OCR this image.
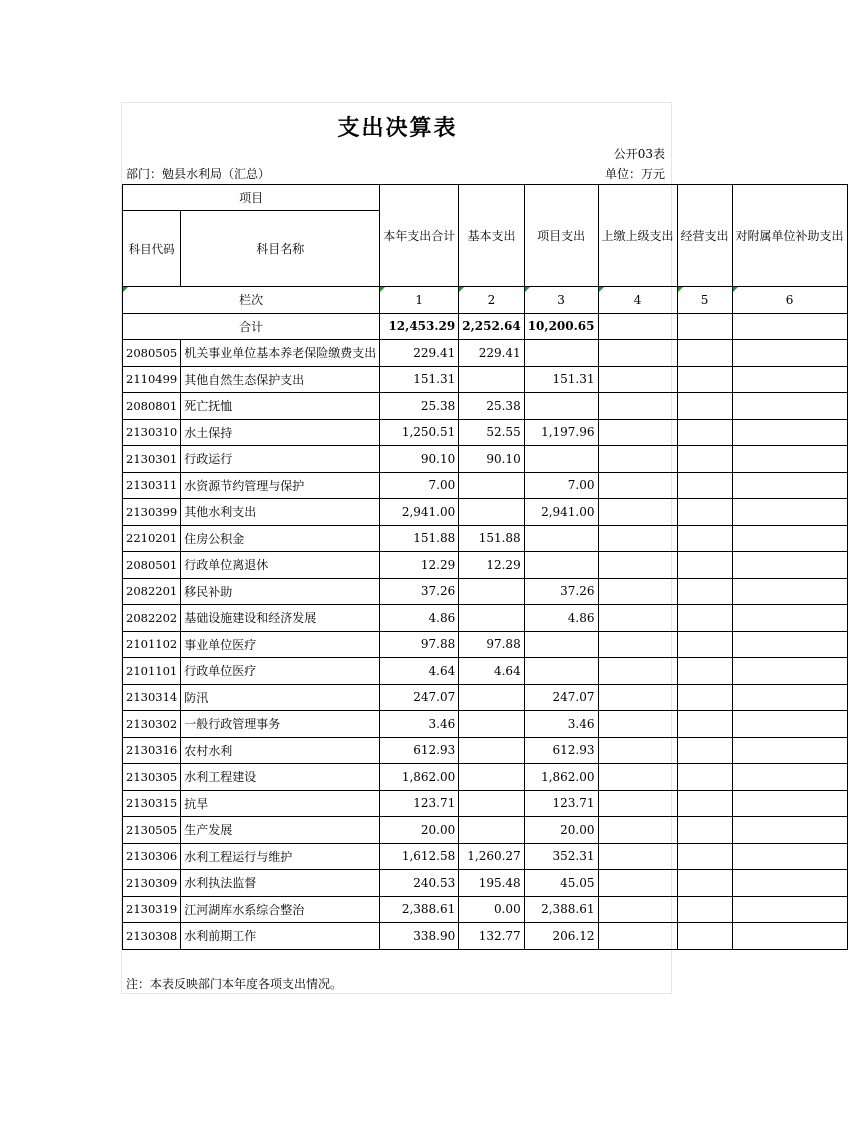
支出决算表
公开03表
部门：勉县水利局（汇总）	单位：万元
项目		本年支出合计	基本支出	项目支出	上缴上级支出	经营支出	对附属单位补助支出
科目代码	科目名称						
栏次		1	2	3	4	5	6
合计		12,453.29	2,252.64	10,200.65			
2080505	机关事业单位基本养老保险缴费支出	229.41	229.41				
2110499	其他自然生态保护支出	151.31		151.31			
2080801	死亡抚恤	25.38	25.38				
2130310	水土保持	1,250.51	52.55	1,197.96			
2130301	行政运行	90.10	90.10				
2130311	水资源节约管理与保护	7.00		7.00			
2130399	其他水利支出	2,941.00		2,941.00			
2210201	住房公积金	151.88	151.88				
2080501	行政单位离退休	12.29	12.29				
2082201	移民补助	37.26		37.26			
2082202	基础设施建设和经济发展	4.86		4.86			
2101102	事业单位医疗	97.88	97.88				
2101101	行政单位医疗	4.64	4.64				
2130314	防汛	247.07		247.07			
2130302	一般行政管理事务	3.46		3.46			
2130316	农村水利	612.93		612.93			
2130305	水利工程建设	1,862.00		1,862.00			
2130315	抗旱	123.71		123.71			
2130505	生产发展	20.00		20.00			
2130306	水利工程运行与维护	1,612.58	1,260.27	352.31			
2130309	水利执法监督	240.53	195.48	45.05			
2130319	江河湖库水系综合整治	2,388.61	0.00	2,388.61			
2130308	水利前期工作	338.90	132.77	206.12			
注：本表反映部门本年度各项支出情况。
